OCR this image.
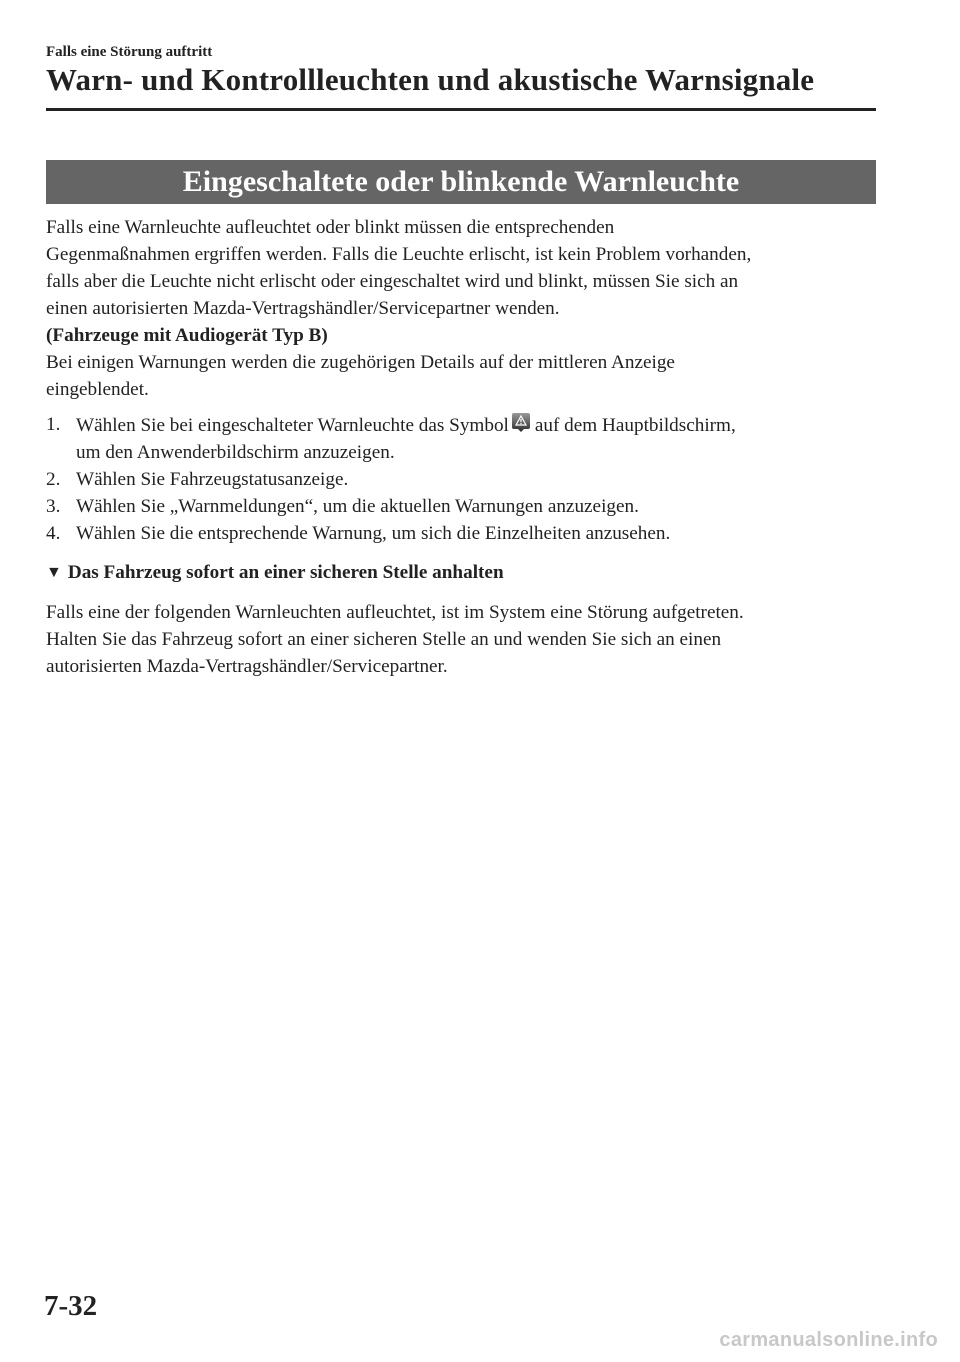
Falls eine Störung auftritt
Warn- und Kontrollleuchten und akustische Warnsignale
Eingeschaltete oder blinkende Warnleuchte

Falls eine Warnleuchte aufleuchtet oder blinkt müssen die entsprechenden
Gegenmaßnahmen ergriffen werden. Falls die Leuchte erlischt, ist kein Problem vorhanden,
falls aber die Leuchte nicht erlischt oder eingeschaltet wird und blinkt, müssen Sie sich an
einen autorisierten Mazda-Vertragshändler/Servicepartner wenden.

(Fahrzeuge mit Audiogerät Typ B)

Bei einigen Warnungen werden die zugehörigen Details auf der mittleren Anzeige
eingeblendet.

1. Wählen Sie bei eingeschalteter Warnleuchte das Symbol auf dem Hauptbildschirm,
um den Anwenderbildschirm anzuzeigen.
2. Wählen Sie Fahrzeugstatusanzeige.
3. Wählen Sie „Warnmeldungen“, um die aktuellen Warnungen anzuzeigen.
4. Wählen Sie die entsprechende Warnung, um sich die Einzelheiten anzusehen.

▼ Das Fahrzeug sofort an einer sicheren Stelle anhalten

Falls eine der folgenden Warnleuchten aufleuchtet, ist im System eine Störung aufgetreten.
Halten Sie das Fahrzeug sofort an einer sicheren Stelle an und wenden Sie sich an einen
autorisierten Mazda-Vertragshändler/Servicepartner.

7-32
carmanualsonline.info
